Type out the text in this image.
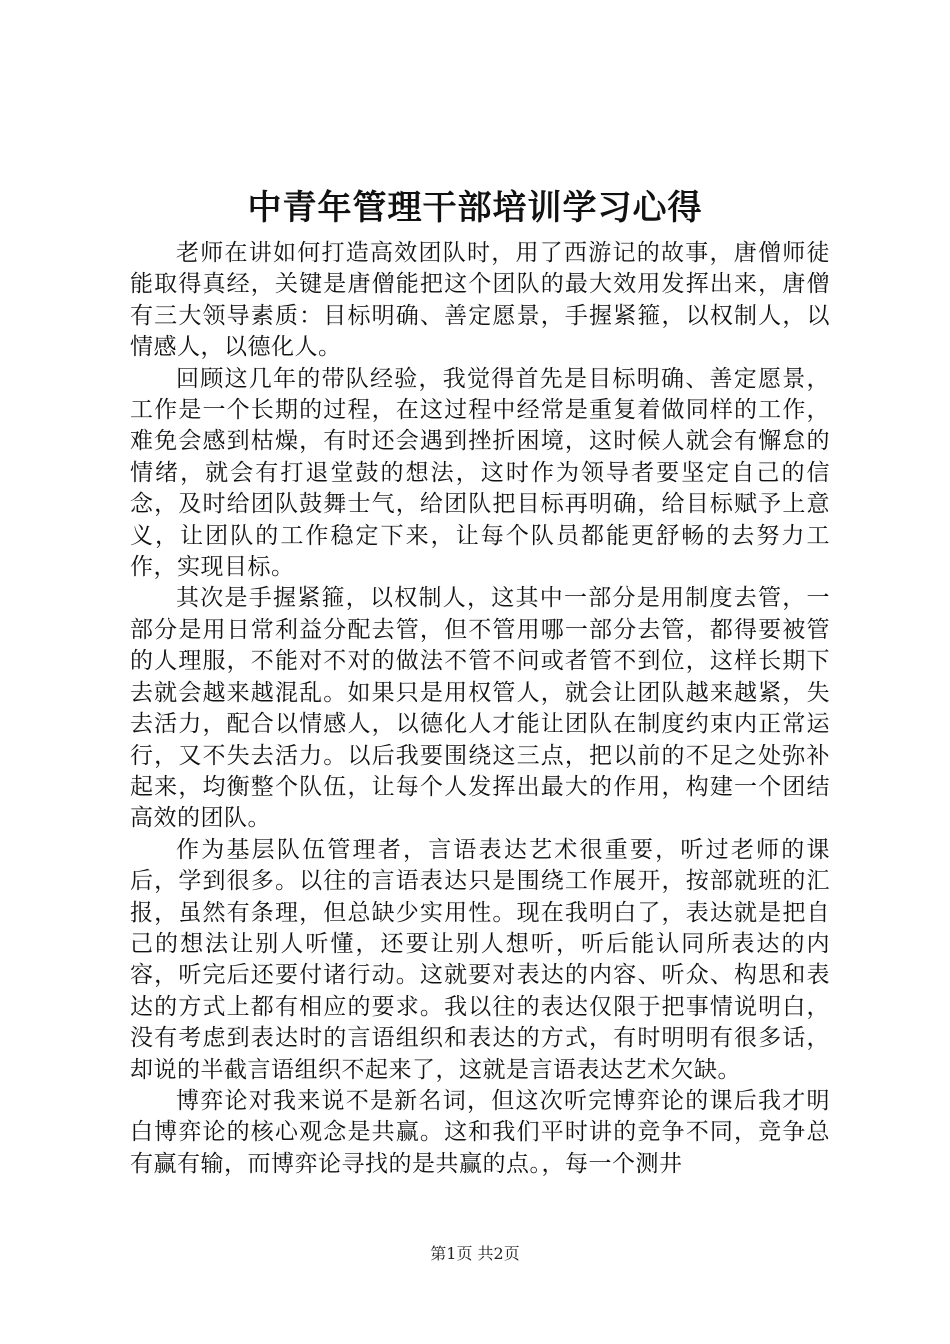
中青年管理干部培训学习心得

老师在讲如何打造高效团队时，用了西游记的故事，唐僧师徒能取得真经，关键是唐僧能把这个团队的最大效用发挥出来，唐僧有三大领导素质：目标明确、善定愿景，手握紧箍，以权制人，以情感人，以德化人。

回顾这几年的带队经验，我觉得首先是目标明确、善定愿景，工作是一个长期的过程，在这过程中经常是重复着做同样的工作，难免会感到枯燥，有时还会遇到挫折困境，这时候人就会有懈怠的情绪，就会有打退堂鼓的想法，这时作为领导者要坚定自己的信念，及时给团队鼓舞士气，给团队把目标再明确，给目标赋予上意义，让团队的工作稳定下来，让每个队员都能更舒畅的去努力工作，实现目标。

其次是手握紧箍，以权制人，这其中一部分是用制度去管，一部分是用日常利益分配去管，但不管用哪一部分去管，都得要被管的人理服，不能对不对的做法不管不问或者管不到位，这样长期下去就会越来越混乱。如果只是用权管人，就会让团队越来越紧，失去活力，配合以情感人，以德化人才能让团队在制度约束内正常运行，又不失去活力。以后我要围绕这三点，把以前的不足之处弥补起来，均衡整个队伍，让每个人发挥出最大的作用，构建一个团结高效的团队。

作为基层队伍管理者，言语表达艺术很重要，听过老师的课后，学到很多。以往的言语表达只是围绕工作展开，按部就班的汇报，虽然有条理，但总缺少实用性。现在我明白了，表达就是把自己的想法让别人听懂，还要让别人想听，听后能认同所表达的内容，听完后还要付诸行动。这就要对表达的内容、听众、构思和表达的方式上都有相应的要求。我以往的表达仅限于把事情说明白，没有考虑到表达时的言语组织和表达的方式，有时明明有很多话，却说的半截言语组织不起来了，这就是言语表达艺术欠缺。

博弈论对我来说不是新名词，但这次听完博弈论的课后我才明白博弈论的核心观念是共赢。这和我们平时讲的竞争不同，竞争总有赢有输，而博弈论寻找的是共赢的点。，每一个测井

第1页 共2页
